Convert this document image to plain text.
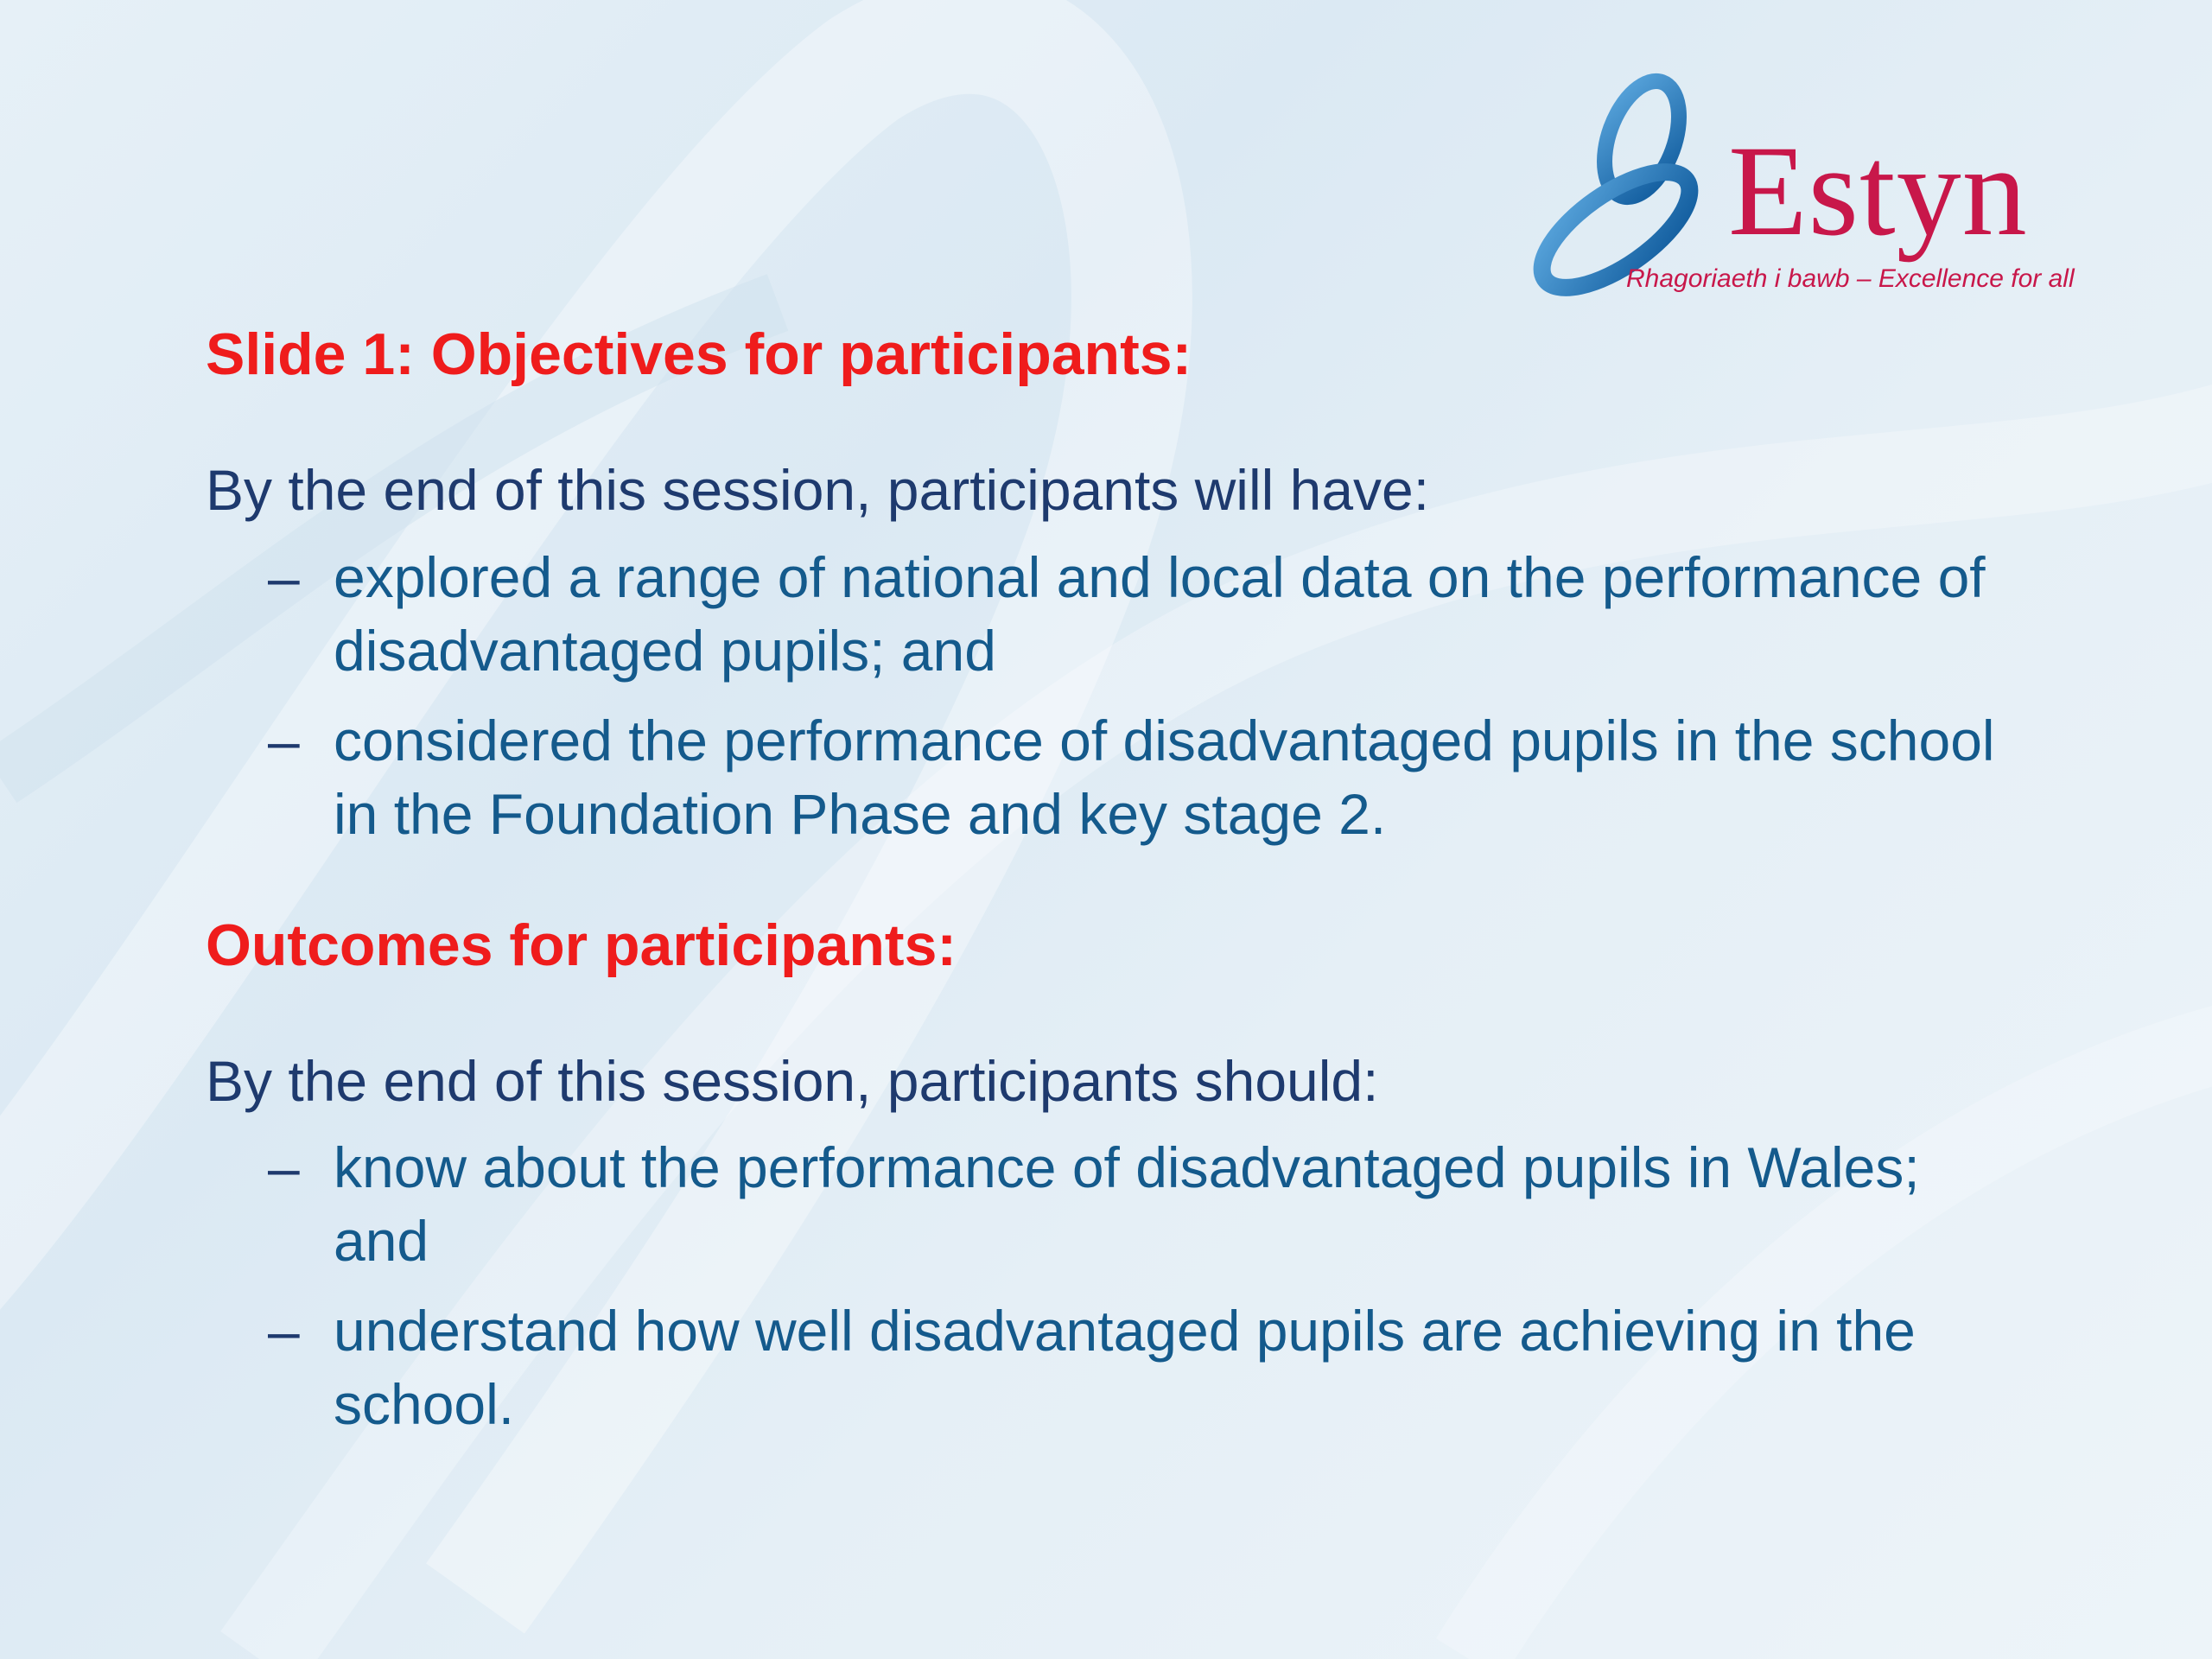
Estyn
Rhagoriaeth i bawb – Excellence for all
Slide 1: Objectives for participants:

By the end of this session, participants will have:

– explored a range of national and local data on the performance of disadvantaged pupils; and
– considered the performance of disadvantaged pupils in the school in the Foundation Phase and key stage 2.
Outcomes for participants:

By the end of this session, participants should:

– know about the performance of disadvantaged pupils in Wales; and
– understand how well disadvantaged pupils are achieving in the school.
